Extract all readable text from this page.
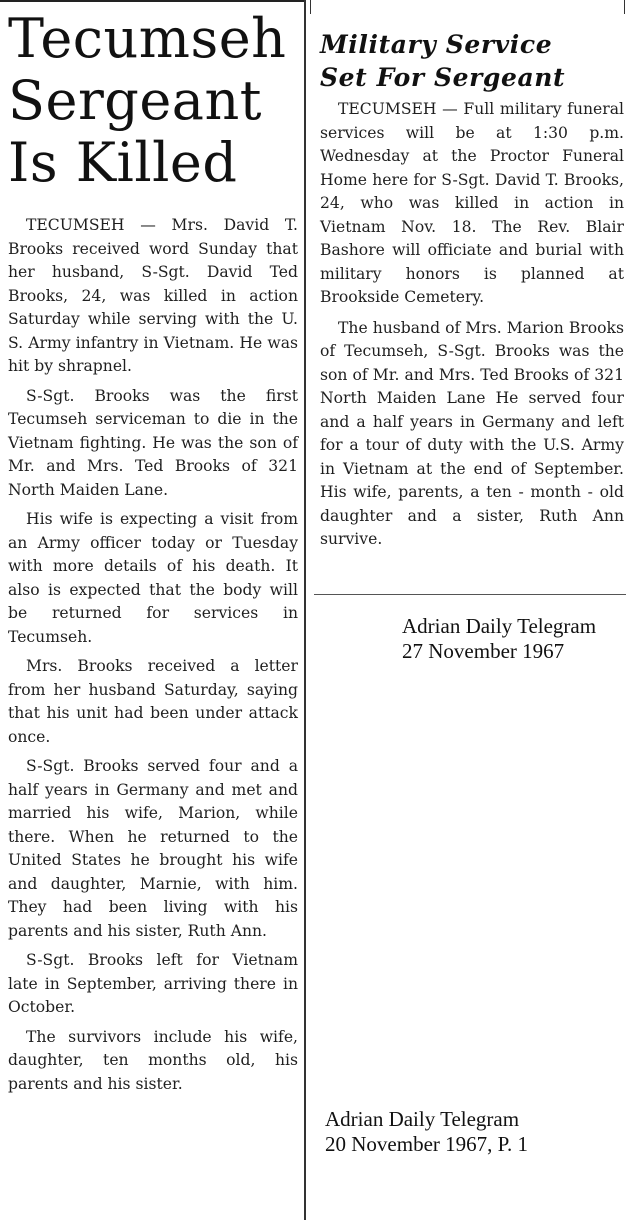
Tecumseh
Sergeant
Is Killed

TECUMSEH — Mrs. David T. Brooks received word Sunday that her husband, S-Sgt. David Ted Brooks, 24, was killed in action Saturday while serving with the U. S. Army infantry in Vietnam. He was hit by shrapnel.

S-Sgt. Brooks was the first Tecumseh serviceman to die in the Vietnam fighting. He was the son of Mr. and Mrs. Ted Brooks of 321 North Maiden Lane.

His wife is expecting a visit from an Army officer today or Tuesday with more details of his death. It also is expected that the body will be returned for services in Tecumseh.

Mrs. Brooks received a letter from her husband Saturday, saying that his unit had been under attack once.

S-Sgt. Brooks served four and a half years in Germany and met and married his wife, Marion, while there. When he returned to the United States he brought his wife and daughter, Marnie, with him. They had been living with his parents and his sister, Ruth Ann.

S-Sgt. Brooks left for Vietnam late in September, arriving there in October.

The survivors include his wife, daughter, ten months old, his parents and his sister.

Military Service
Set For Sergeant

TECUMSEH — Full military funeral services will be at 1:30 p.m. Wednesday at the Proctor Funeral Home here for S-Sgt. David T. Brooks, 24, who was killed in action in Vietnam Nov. 18. The Rev. Blair Bashore will officiate and burial with military honors is planned at Brookside Cemetery.

The husband of Mrs. Marion Brooks of Tecumseh, S-Sgt. Brooks was the son of Mr. and Mrs. Ted Brooks of 321 North Maiden Lane He served four and a half years in Germany and left for a tour of duty with the U.S. Army in Vietnam at the end of September. His wife, parents, a ten - month - old daughter and a sister, Ruth Ann survive.

Adrian Daily Telegram
27 November 1967
Adrian Daily Telegram
20 November 1967, P. 1
